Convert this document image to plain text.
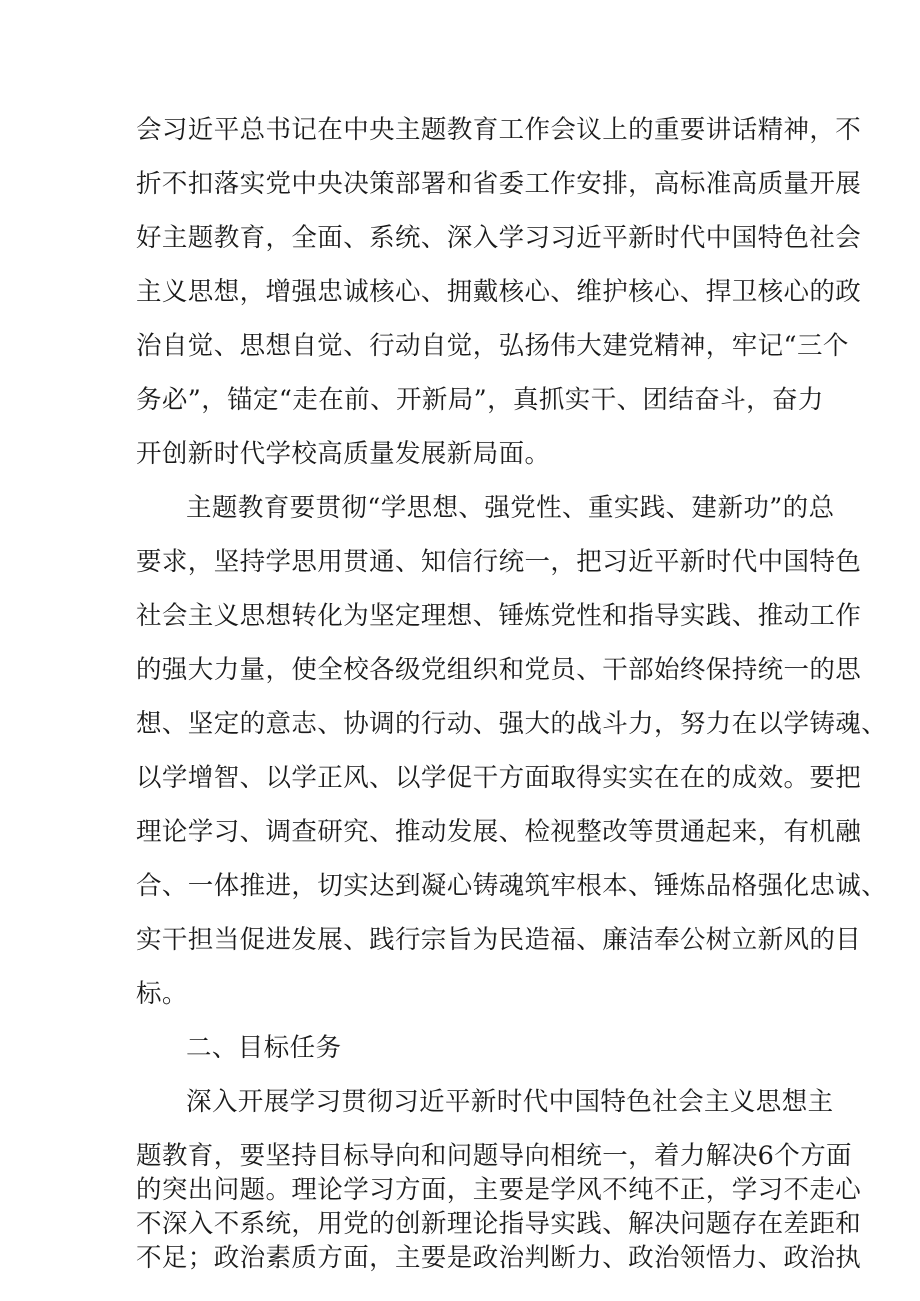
会习近平总书记在中央主题教育工作会议上的重要讲话精神，不
折不扣落实党中央决策部署和省委工作安排，高标准高质量开展
好主题教育，全面、系统、深入学习习近平新时代中国特色社会
主义思想，增强忠诚核心、拥戴核心、维护核心、捍卫核心的政
治自觉、思想自觉、行动自觉，弘扬伟大建党精神，牢记“三个
务必”，锚定“走在前、开新局”，真抓实干、团结奋斗，奋力
开创新时代学校高质量发展新局面。
主题教育要贯彻“学思想、强党性、重实践、建新功”的总
要求，坚持学思用贯通、知信行统一，把习近平新时代中国特色
社会主义思想转化为坚定理想、锤炼党性和指导实践、推动工作
的强大力量，使全校各级党组织和党员、干部始终保持统一的思
想、坚定的意志、协调的行动、强大的战斗力，努力在以学铸魂、
以学增智、以学正风、以学促干方面取得实实在在的成效。要把
理论学习、调查研究、推动发展、检视整改等贯通起来，有机融
合、一体推进，切实达到凝心铸魂筑牢根本、锤炼品格强化忠诚、
实干担当促进发展、践行宗旨为民造福、廉洁奉公树立新风的目
标。
二、目标任务
深入开展学习贯彻习近平新时代中国特色社会主义思想主
题教育，要坚持目标导向和问题导向相统一，着力解决6个方面
的突出问题。理论学习方面，主要是学风不纯不正，学习不走心
不深入不系统，用党的创新理论指导实践、解决问题存在差距和
不足；政治素质方面，主要是政治判断力、政治领悟力、政治执
